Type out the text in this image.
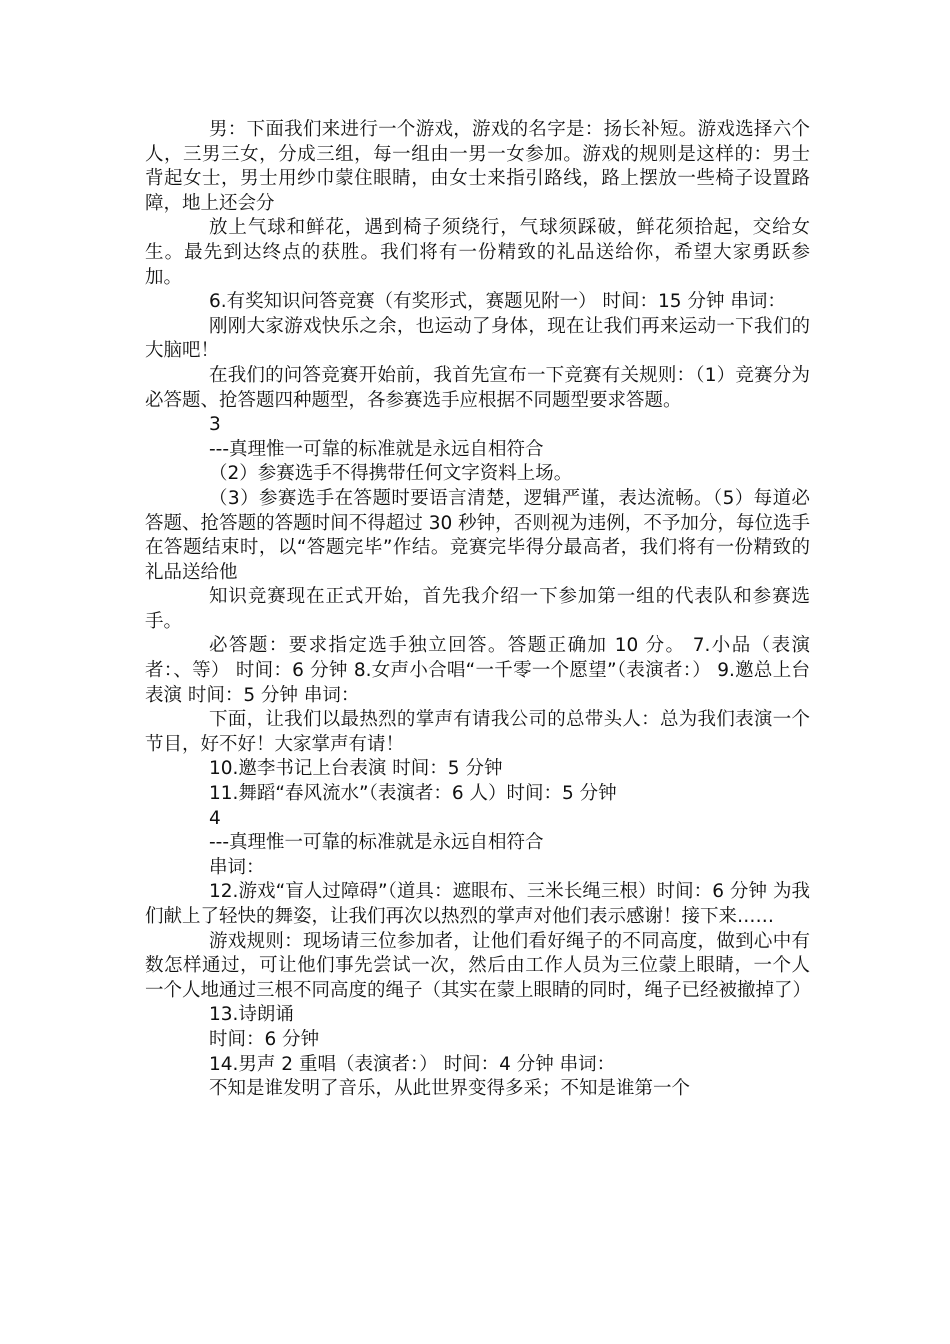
男：下面我们来进行一个游戏，游戏的名字是：扬长补短。游戏选择六个人，三男三女，分成三组，每一组由一男一女参加。游戏的规则是这样的：男士背起女士，男士用纱巾蒙住眼睛，由女士来指引路线，路上摆放一些椅子设置路障，地上还会分

放上气球和鲜花，遇到椅子须绕行，气球须踩破，鲜花须拾起，交给女生。最先到达终点的获胜。我们将有一份精致的礼品送给你，希望大家勇跃参加。

6.有奖知识问答竞赛（有奖形式，赛题见附一） 时间：15 分钟 串词：

刚刚大家游戏快乐之余，也运动了身体，现在让我们再来运动一下我们的大脑吧！

在我们的问答竞赛开始前，我首先宣布一下竞赛有关规则：（1）竞赛分为必答题、抢答题四种题型，各参赛选手应根据不同题型要求答题。

3

---真理惟一可靠的标准就是永远自相符合

（2）参赛选手不得携带任何文字资料上场。

（3）参赛选手在答题时要语言清楚，逻辑严谨，表达流畅。（5）每道必答题、抢答题的答题时间不得超过 30 秒钟，否则视为违例，不予加分，每位选手在答题结束时，以“答题完毕”作结。竞赛完毕得分最高者，我们将有一份精致的礼品送给他

知识竞赛现在正式开始，首先我介绍一下参加第一组的代表队和参赛选手。

必答题：要求指定选手独立回答。答题正确加 10 分。 7.小品（表演者：、等） 时间：6 分钟 8.女声小合唱“一千零一个愿望”（表演者：） 9.邀总上台表演 时间：5 分钟 串词：

下面，让我们以最热烈的掌声有请我公司的总带头人：总为我们表演一个节目，好不好！大家掌声有请！

10.邀李书记上台表演 时间：5 分钟

11.舞蹈“春风流水”（表演者：6 人）时间：5 分钟

4

---真理惟一可靠的标准就是永远自相符合

串词：

12.游戏“盲人过障碍”（道具：遮眼布、三米长绳三根）时间：6 分钟 为我们献上了轻快的舞姿，让我们再次以热烈的掌声对他们表示感谢！接下来……

游戏规则：现场请三位参加者，让他们看好绳子的不同高度，做到心中有数怎样通过，可让他们事先尝试一次，然后由工作人员为三位蒙上眼睛，一个人一个人地通过三根不同高度的绳子（其实在蒙上眼睛的同时，绳子已经被撤掉了）

13.诗朗诵

时间：6 分钟

14.男声 2 重唱（表演者：） 时间：4 分钟 串词：

不知是谁发明了音乐，从此世界变得多采；不知是谁第一个
